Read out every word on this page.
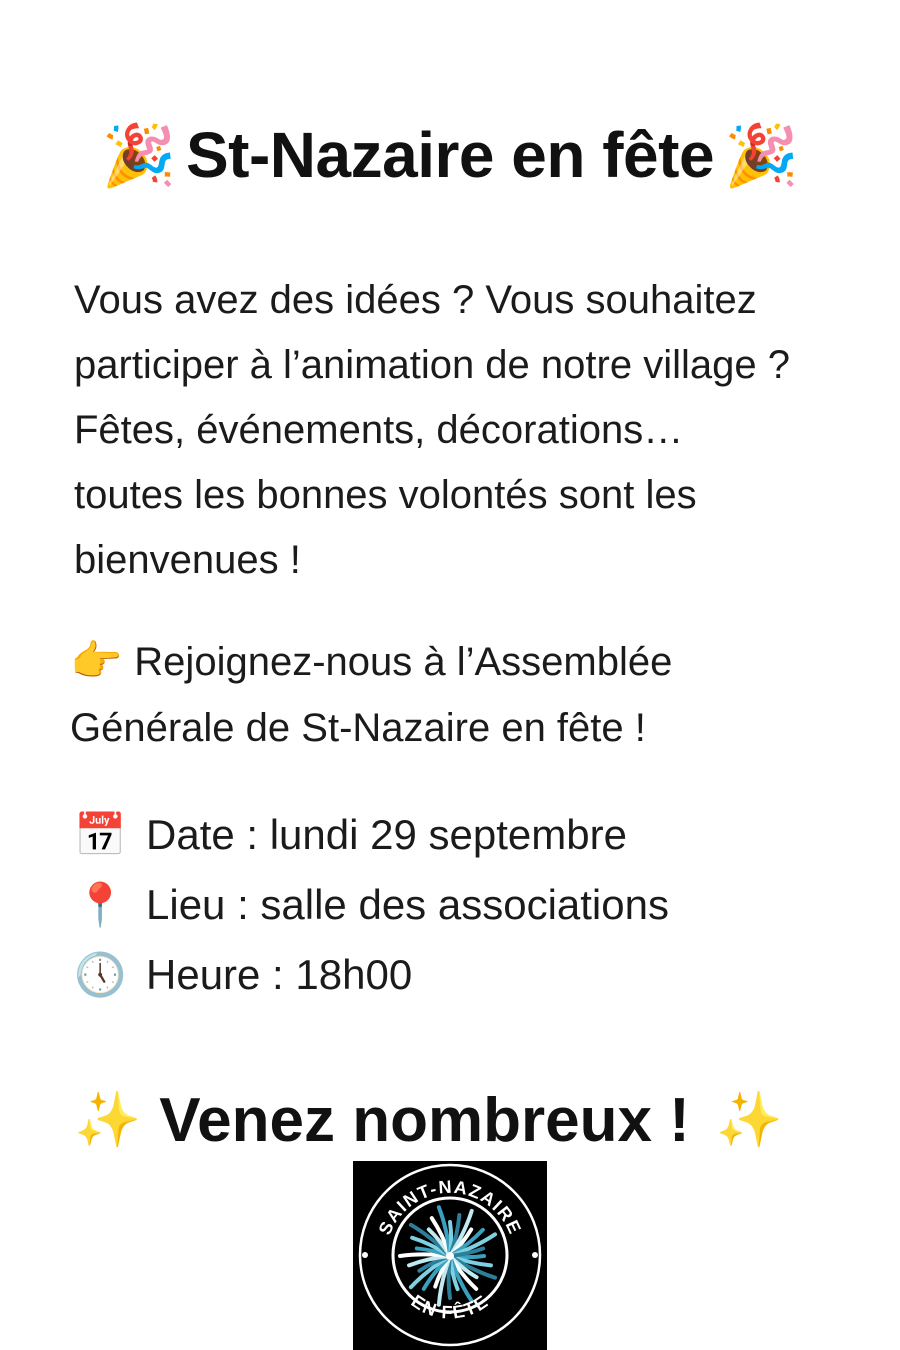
🎉 St-Nazaire en fête 🎉

Vous avez des idées ? Vous souhaitez

participer à l’animation de notre village ?

Fêtes, événements, décorations…

toutes les bonnes volontés sont les

bienvenues !

👉 Rejoignez-nous à l’Assemblée

Générale de St-Nazaire en fête !

📅 Date : lundi 29 septembre
📍 Lieu : salle des associations
🕔 Heure : 18h00
✨ Venez nombreux ! ✨
SAINT-NAZAIRE
EN FÊTE
